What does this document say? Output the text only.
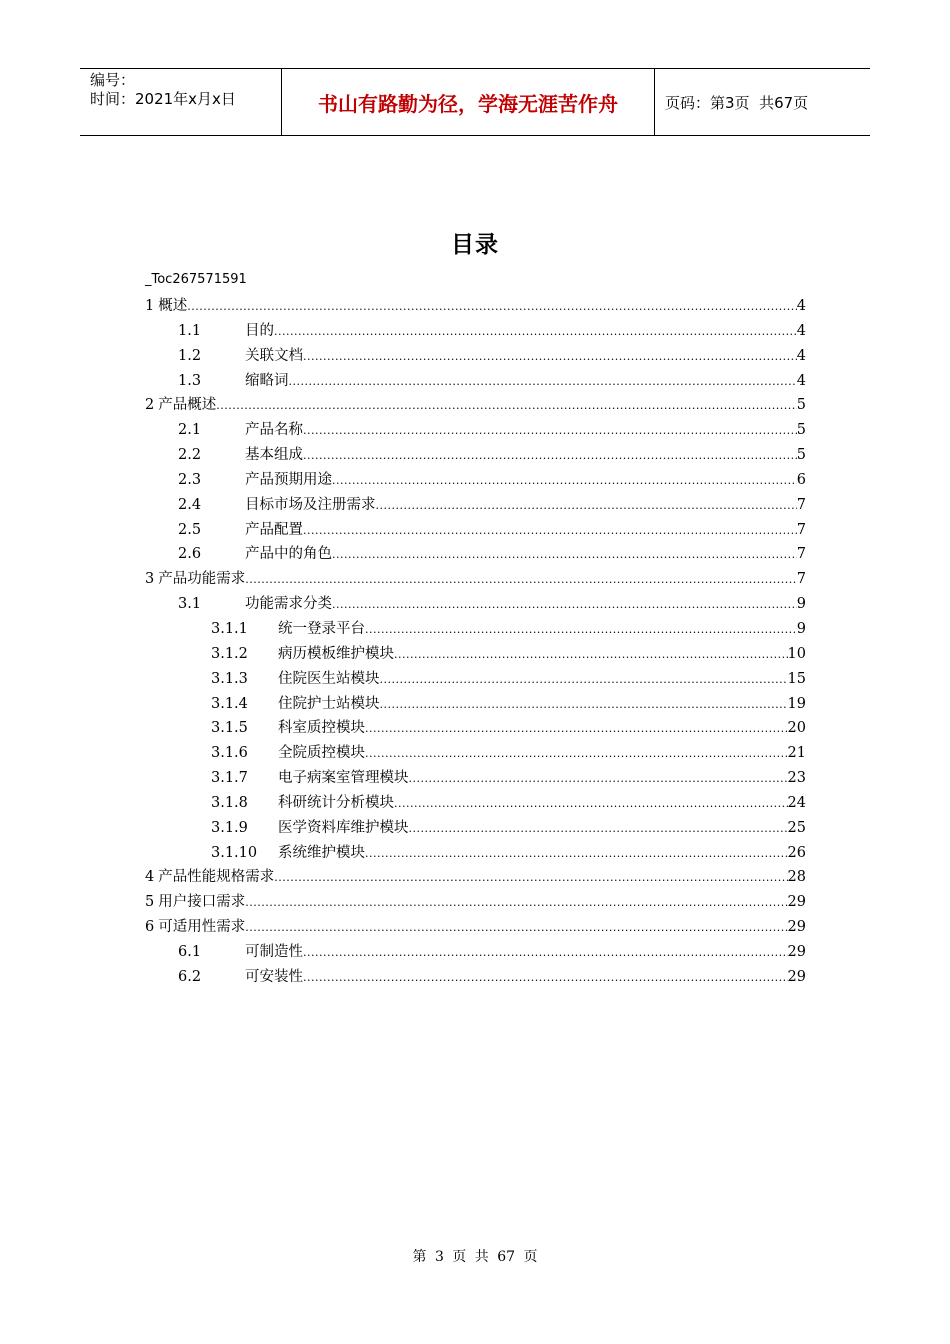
编号：
时间：2021年x月x日	书山有路勤为径，学海无涯苦作舟	页码：第3页  共67页
目录
_Toc267571591
1 概述 .....	4
1.1	目的 .....	4
1.2	关联文档 .....	4
1.3	缩略词 .....	4
2 产品概述 .....	5
2.1	产品名称 .....	5
2.2	基本组成 .....	5
2.3	产品预期用途 .....	6
2.4	目标市场及注册需求 .....	7
2.5	产品配置 .....	7
2.6	产品中的角色 .....	7
3 产品功能需求 .....	7
3.1	功能需求分类 .....	9
3.1.1	统一登录平台 .....	9
3.1.2	病历模板维护模块 .....	10
3.1.3	住院医生站模块 .....	15
3.1.4	住院护士站模块 .....	19
3.1.5	科室质控模块 .....	20
3.1.6	全院质控模块 .....	21
3.1.7	电子病案室管理模块 .....	23
3.1.8	科研统计分析模块 .....	24
3.1.9	医学资料库维护模块 .....	25
3.1.10	系统维护模块 .....	26
4 产品性能规格需求 .....	28
5 用户接口需求 .....	29
6 可适用性需求 .....	29
6.1	可制造性 .....	29
6.2	可安装性 .....	29
第 3 页 共 67 页
